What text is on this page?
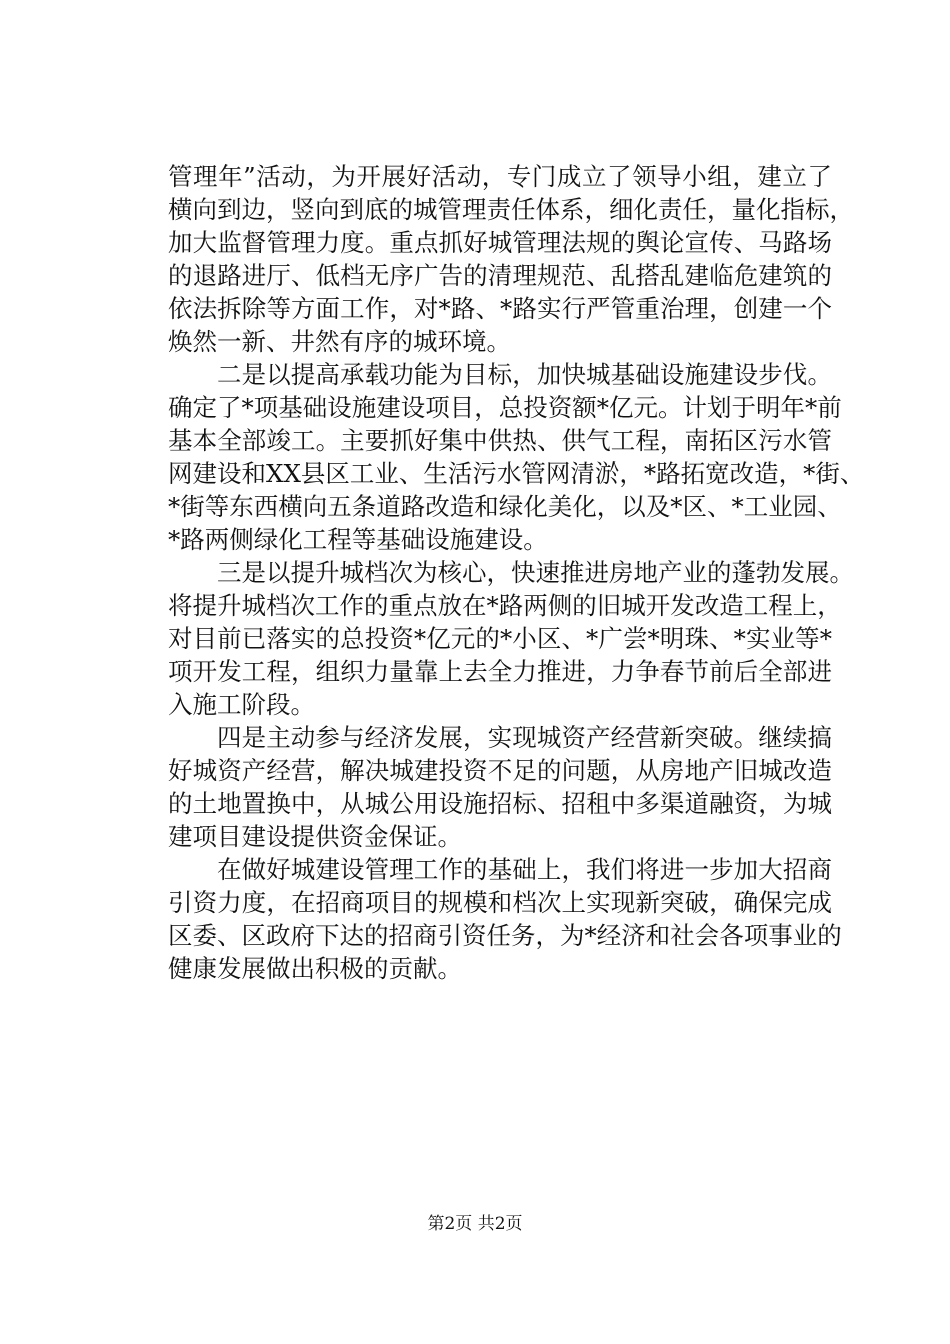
管理年”活动，为开展好活动，专门成立了领导小组，建立了
横向到边，竖向到底的城管理责任体系，细化责任，量化指标，
加大监督管理力度。重点抓好城管理法规的舆论宣传、马路场
的退路进厅、低档无序广告的清理规范、乱搭乱建临危建筑的
依法拆除等方面工作，对*路、*路实行严管重治理，创建一个
焕然一新、井然有序的城环境。
二是以提高承载功能为目标，加快城基础设施建设步伐。
确定了*项基础设施建设项目，总投资额*亿元。计划于明年*前
基本全部竣工。主要抓好集中供热、供气工程，南拓区污水管
网建设和XX县区工业、生活污水管网清淤，*路拓宽改造，*街、
*街等东西横向五条道路改造和绿化美化，以及*区、*工业园、
*路两侧绿化工程等基础设施建设。
三是以提升城档次为核心，快速推进房地产业的蓬勃发展。
将提升城档次工作的重点放在*路两侧的旧城开发改造工程上，
对目前已落实的总投资*亿元的*小区、*广尝*明珠、*实业等*
项开发工程，组织力量靠上去全力推进，力争春节前后全部进
入施工阶段。
四是主动参与经济发展，实现城资产经营新突破。继续搞
好城资产经营，解决城建投资不足的问题，从房地产旧城改造
的土地置换中，从城公用设施招标、招租中多渠道融资，为城
建项目建设提供资金保证。
在做好城建设管理工作的基础上，我们将进一步加大招商
引资力度，在招商项目的规模和档次上实现新突破，确保完成
区委、区政府下达的招商引资任务，为*经济和社会各项事业的
健康发展做出积极的贡献。
第2页 共2页
